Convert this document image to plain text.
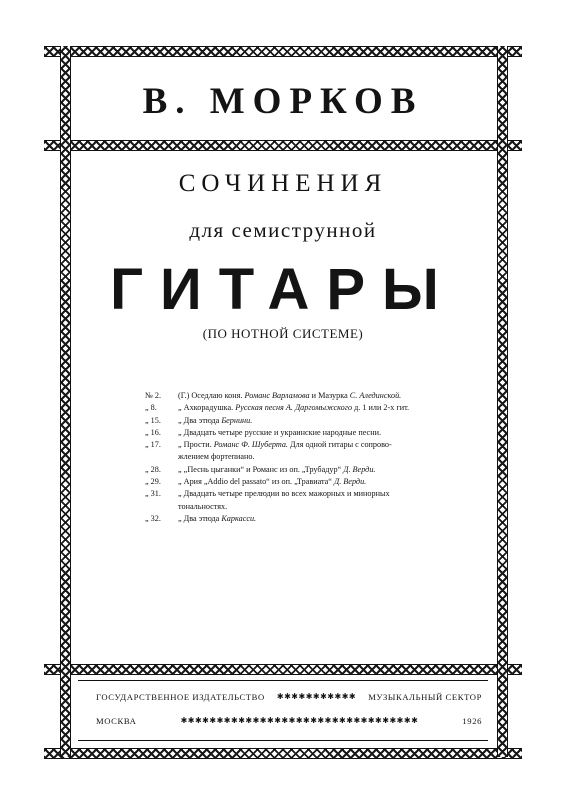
В. МОРКОВ
СОЧИНЕНИЯ
для семиструнной
ГИТАРЫ
(ПО НОТНОЙ СИСТЕМЕ)
№ 2.	(Г.) Оседлаю коня. Романс Варламова и Мазурка С. Алединской.
„ 8.	„ Ахкорадушка. Русская песня А. Даргомыжского д. 1 или 2-х гит.
„ 15.	„ Два этюда Бернини.
„ 16.	„ Двадцать четыре русские и украинские народные песни.
„ 17.	„ Прости. Романс Ф. Шуберта. Для одной гитары с сопрово-
жлением фортепиано.
„ 28.	„ „Песнь цыганки“ и Романс из оп. „Трубадур“ Д. Верди.
„ 29.	„ Ария „Addio del passato“ из оп. „Травиата“ Д. Верди.
„ 31.	„ Двадцать четыре прелюдии во всех мажорных и минорных
тональностях.
„ 32.	„ Два этюда Каркасси.
ГОСУДАРСТВЕННОЕ ИЗДАТЕЛЬСТВО ✱✱✱✱✱✱✱✱✱✱✱ МУЗЫКАЛЬНЫЙ СЕКТОР
МОСКВА	✱✱✱✱✱✱✱✱✱✱✱✱✱✱✱✱✱✱✱✱✱✱✱✱✱✱✱✱✱✱✱✱✱	1926
